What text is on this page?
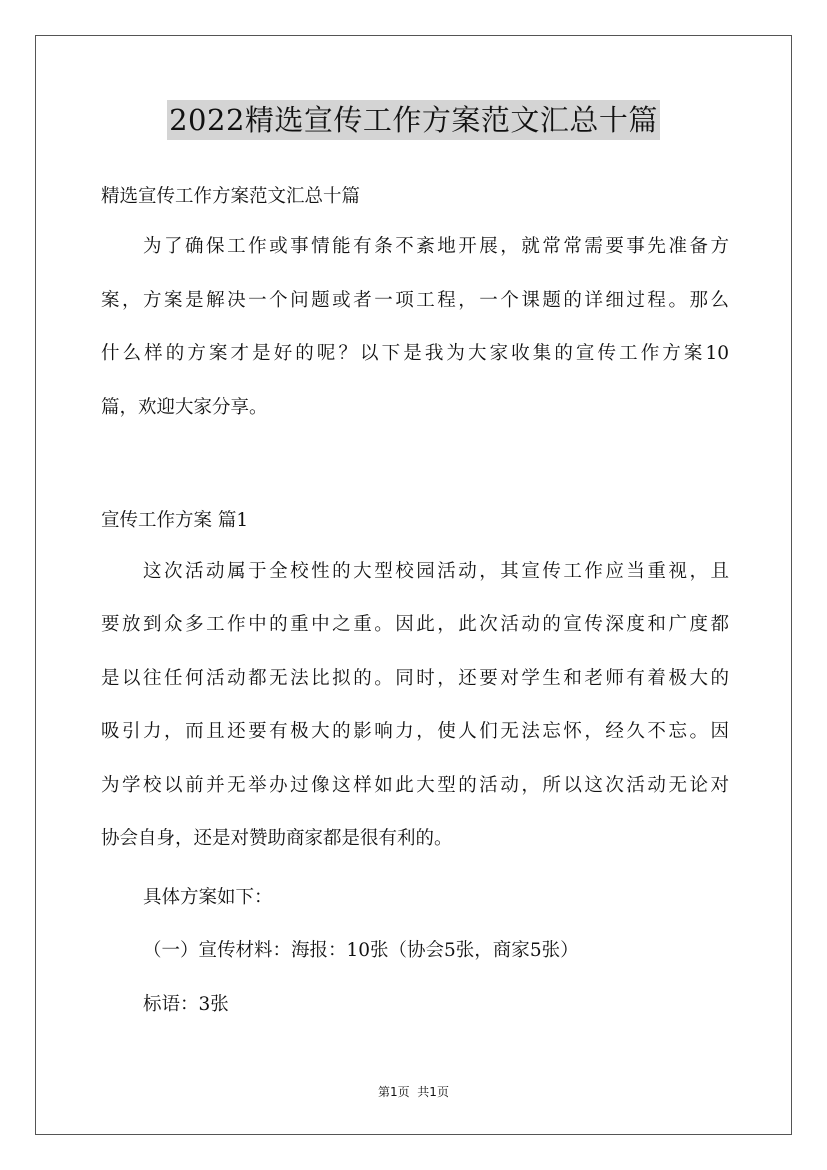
2022精选宣传工作方案范文汇总十篇
精选宣传工作方案范文汇总十篇
为了确保工作或事情能有条不紊地开展，就常常需要事先准备方
案，方案是解决一个问题或者一项工程，一个课题的详细过程。那么
什么样的方案才是好的呢？以下是我为大家收集的宣传工作方案10
篇，欢迎大家分享。
宣传工作方案 篇1
这次活动属于全校性的大型校园活动，其宣传工作应当重视，且
要放到众多工作中的重中之重。因此，此次活动的宣传深度和广度都
是以往任何活动都无法比拟的。同时，还要对学生和老师有着极大的
吸引力，而且还要有极大的影响力，使人们无法忘怀，经久不忘。因
为学校以前并无举办过像这样如此大型的活动，所以这次活动无论对
协会自身，还是对赞助商家都是很有利的。
具体方案如下：
（一）宣传材料：海报：10张（协会5张，商家5张）
标语：3张
第1页  共1页
